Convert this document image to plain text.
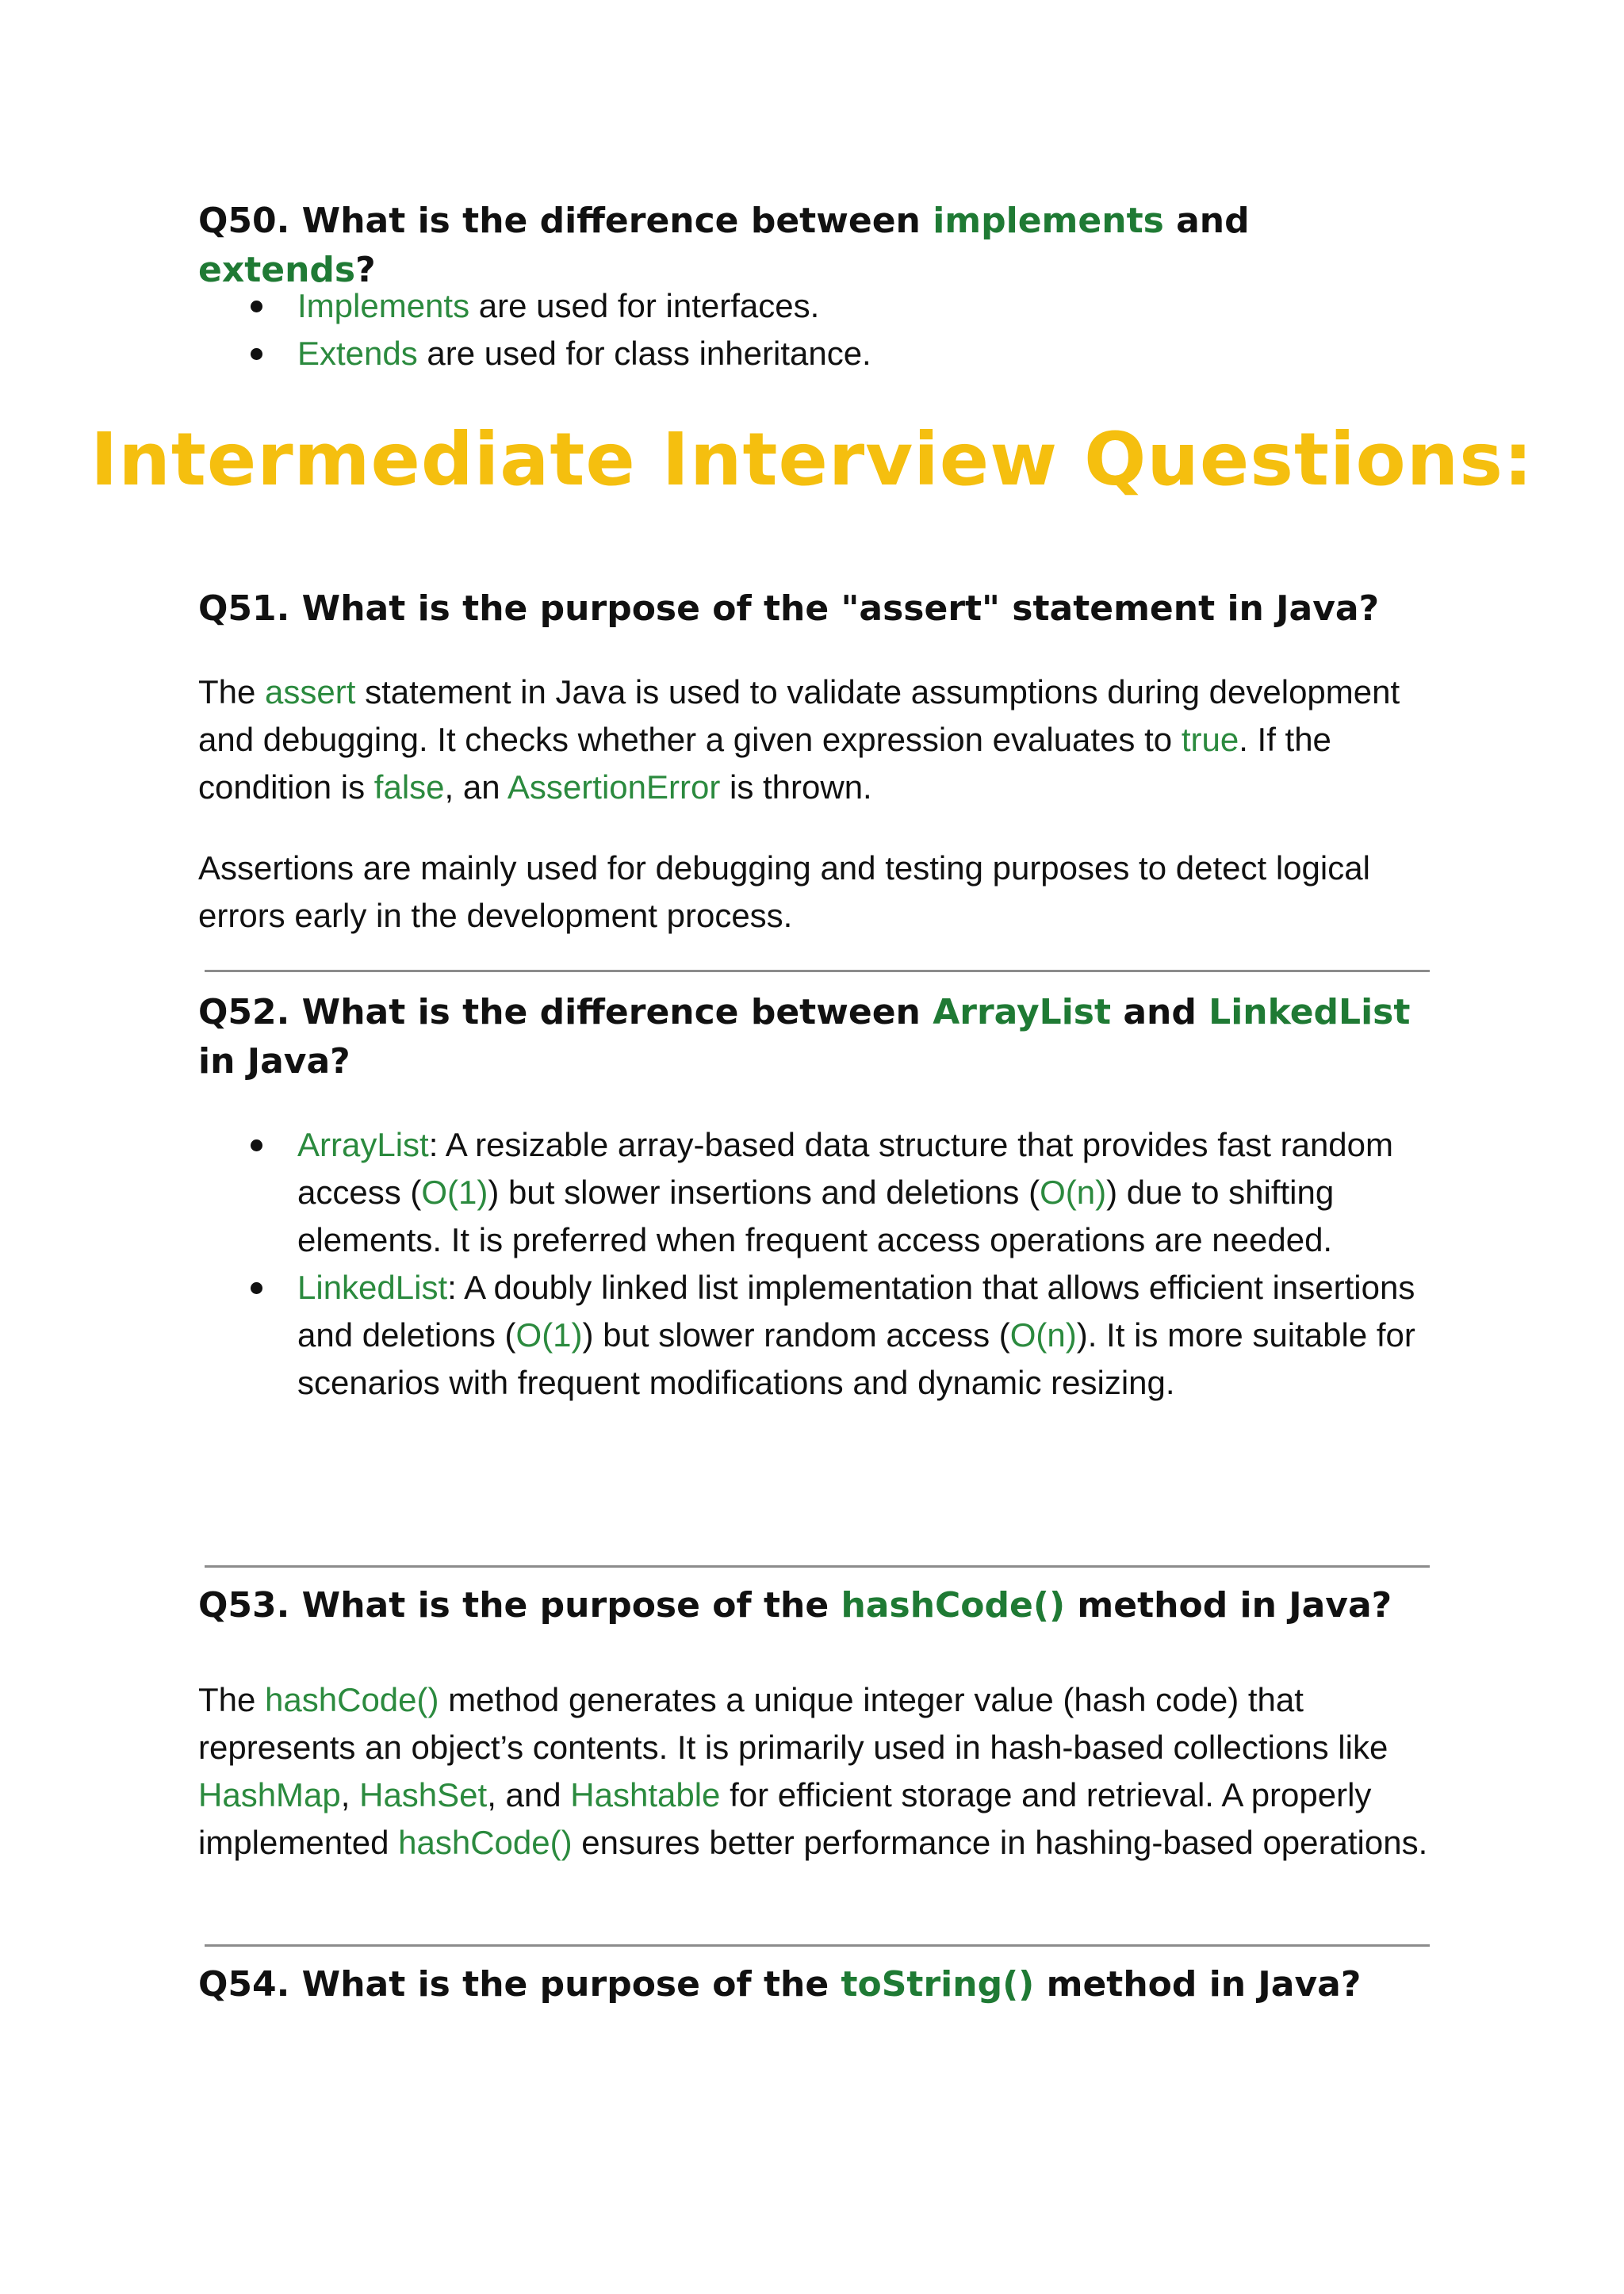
Q50. What is the difference between implements and extends?

Implements are used for interfaces.
Extends are used for class inheritance.
Intermediate Interview Questions:

Q51. What is the purpose of the "assert" statement in Java?

The assert statement in Java is used to validate assumptions during development and debugging. It checks whether a given expression evaluates to true. If the condition is false, an AssertionError is thrown.

Assertions are mainly used for debugging and testing purposes to detect logical errors early in the development process.

Q52. What is the difference between ArrayList and LinkedList in Java?

ArrayList: A resizable array-based data structure that provides fast random access (O(1)) but slower insertions and deletions (O(n)) due to shifting elements. It is preferred when frequent access operations are needed.
LinkedList: A doubly linked list implementation that allows efficient insertions and deletions (O(1)) but slower random access (O(n)). It is more suitable for scenarios with frequent modifications and dynamic resizing.

Q53. What is the purpose of the hashCode() method in Java?

The hashCode() method generates a unique integer value (hash code) that represents an object’s contents. It is primarily used in hash-based collections like HashMap, HashSet, and Hashtable for efficient storage and retrieval. A properly implemented hashCode() ensures better performance in hashing-based operations.

Q54. What is the purpose of the toString() method in Java?
